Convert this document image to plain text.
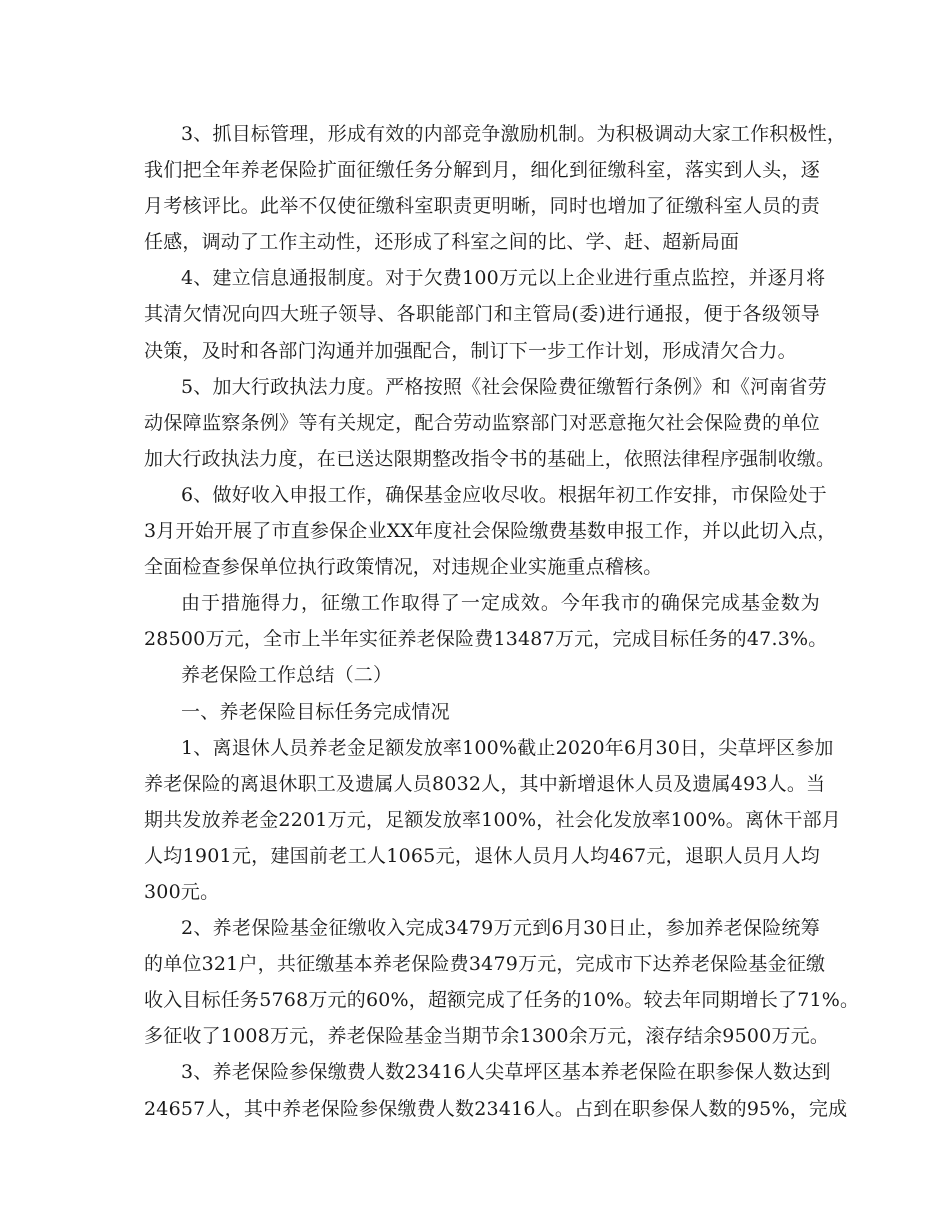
3、抓目标管理，形成有效的内部竞争激励机制。为积极调动大家工作积极性，
我们把全年养老保险扩面征缴任务分解到月，细化到征缴科室，落实到人头，逐
月考核评比。此举不仅使征缴科室职责更明晰，同时也增加了征缴科室人员的责
任感，调动了工作主动性，还形成了科室之间的比、学、赶、超新局面
4、建立信息通报制度。对于欠费100万元以上企业进行重点监控，并逐月将
其清欠情况向四大班子领导、各职能部门和主管局(委)进行通报，便于各级领导
决策，及时和各部门沟通并加强配合，制订下一步工作计划，形成清欠合力。
5、加大行政执法力度。严格按照《社会保险费征缴暂行条例》和《河南省劳
动保障监察条例》等有关规定，配合劳动监察部门对恶意拖欠社会保险费的单位
加大行政执法力度，在已送达限期整改指令书的基础上，依照法律程序强制收缴。
6、做好收入申报工作，确保基金应收尽收。根据年初工作安排，市保险处于
3月开始开展了市直参保企业XX年度社会保险缴费基数申报工作，并以此切入点，
全面检查参保单位执行政策情况，对违规企业实施重点稽核。
由于措施得力，征缴工作取得了一定成效。今年我市的确保完成基金数为
28500万元，全市上半年实征养老保险费13487万元，完成目标任务的47.3%。
养老保险工作总结（二）
一、养老保险目标任务完成情况
1、离退休人员养老金足额发放率100%截止2020年6月30日，尖草坪区参加
养老保险的离退休职工及遗属人员8032人，其中新增退休人员及遗属493人。当
期共发放养老金2201万元，足额发放率100%，社会化发放率100%。离休干部月
人均1901元，建国前老工人1065元，退休人员月人均467元，退职人员月人均
300元。
2、养老保险基金征缴收入完成3479万元到6月30日止，参加养老保险统筹
的单位321户，共征缴基本养老保险费3479万元，完成市下达养老保险基金征缴
收入目标任务5768万元的60%，超额完成了任务的10%。较去年同期增长了71%。
多征收了1008万元，养老保险基金当期节余1300余万元，滚存结余9500万元。
3、养老保险参保缴费人数23416人尖草坪区基本养老保险在职参保人数达到
24657人，其中养老保险参保缴费人数23416人。占到在职参保人数的95%，完成
